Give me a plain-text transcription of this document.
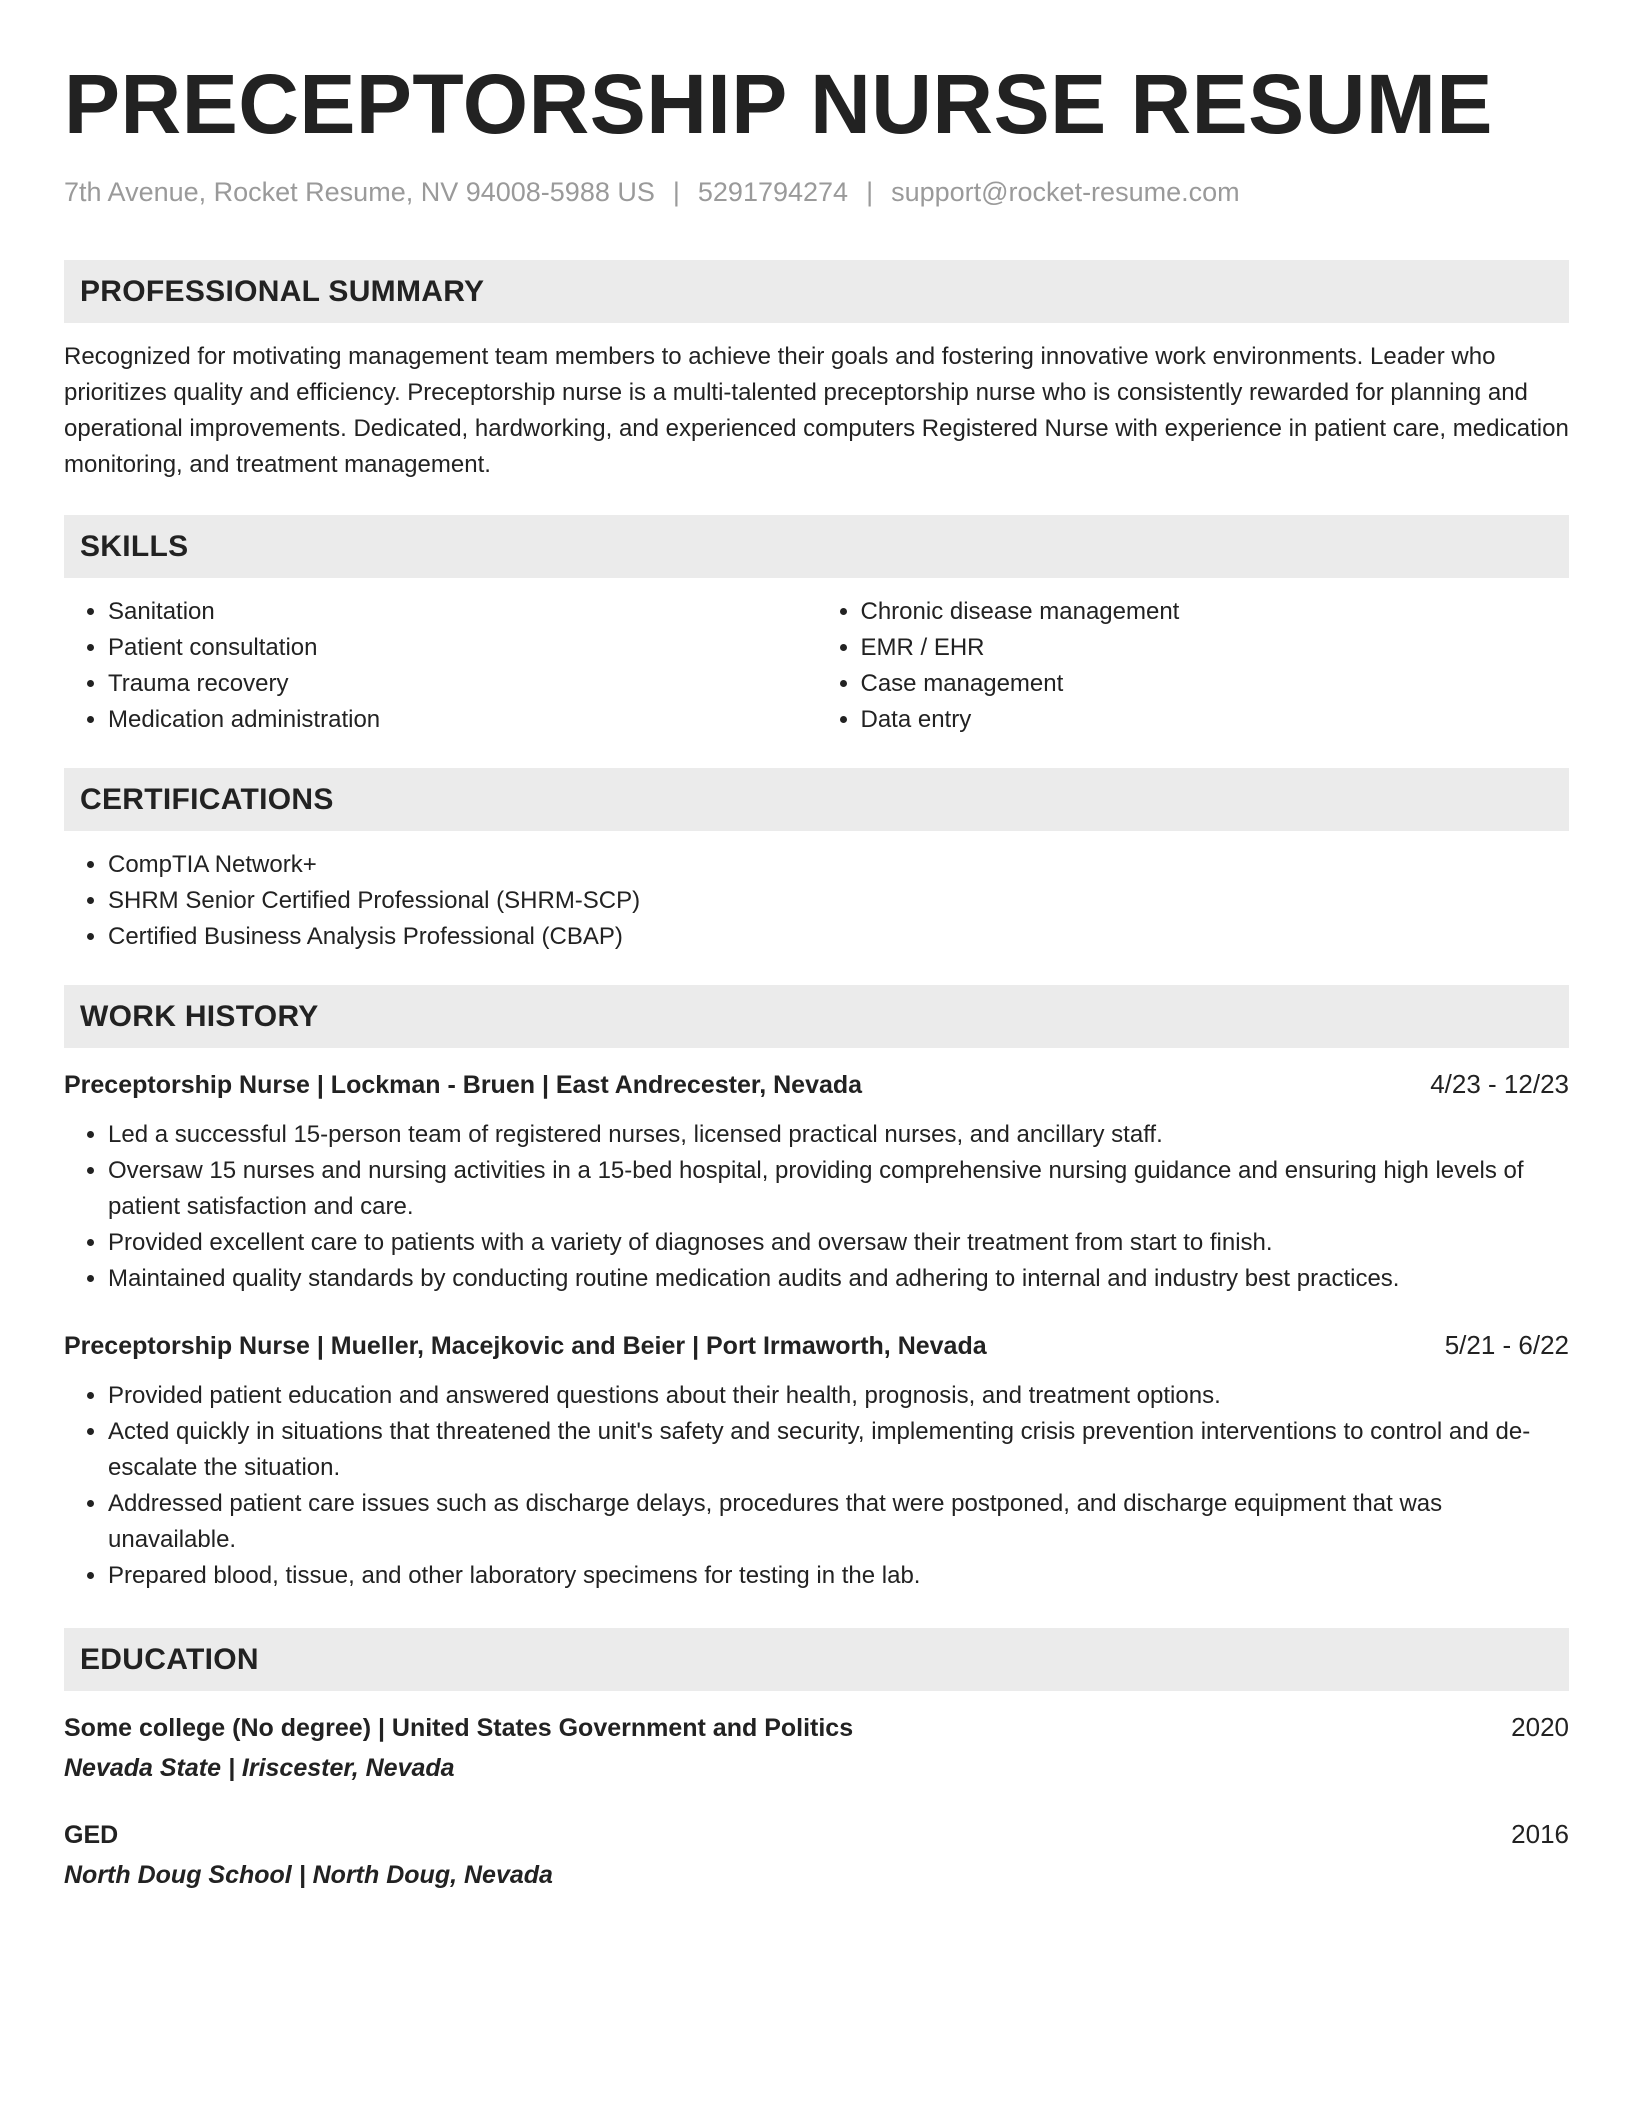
PRECEPTORSHIP NURSE RESUME
7th Avenue, Rocket Resume, NV 94008-5988 US | 5291794274 | support@rocket-resume.com
PROFESSIONAL SUMMARY
Recognized for motivating management team members to achieve their goals and fostering innovative work environments. Leader who prioritizes quality and efficiency. Preceptorship nurse is a multi-talented preceptorship nurse who is consistently rewarded for planning and operational improvements. Dedicated, hardworking, and experienced computers Registered Nurse with experience in patient care, medication monitoring, and treatment management.
SKILLS
• Sanitation
• Patient consultation
• Trauma recovery
• Medication administration
• Chronic disease management
• EMR / EHR
• Case management
• Data entry
CERTIFICATIONS
• CompTIA Network+
• SHRM Senior Certified Professional (SHRM-SCP)
• Certified Business Analysis Professional (CBAP)
WORK HISTORY
Preceptorship Nurse | Lockman - Bruen | East Andrecester, Nevada	4/23 - 12/23
• Led a successful 15-person team of registered nurses, licensed practical nurses, and ancillary staff.
• Oversaw 15 nurses and nursing activities in a 15-bed hospital, providing comprehensive nursing guidance and ensuring high levels of patient satisfaction and care.
• Provided excellent care to patients with a variety of diagnoses and oversaw their treatment from start to finish.
• Maintained quality standards by conducting routine medication audits and adhering to internal and industry best practices.
Preceptorship Nurse | Mueller, Macejkovic and Beier | Port Irmaworth, Nevada	5/21 - 6/22
• Provided patient education and answered questions about their health, prognosis, and treatment options.
• Acted quickly in situations that threatened the unit's safety and security, implementing crisis prevention interventions to control and de-escalate the situation.
• Addressed patient care issues such as discharge delays, procedures that were postponed, and discharge equipment that was unavailable.
• Prepared blood, tissue, and other laboratory specimens for testing in the lab.
EDUCATION
Some college (No degree) | United States Government and Politics	2020
Nevada State | Iriscester, Nevada
GED	2016
North Doug School | North Doug, Nevada
